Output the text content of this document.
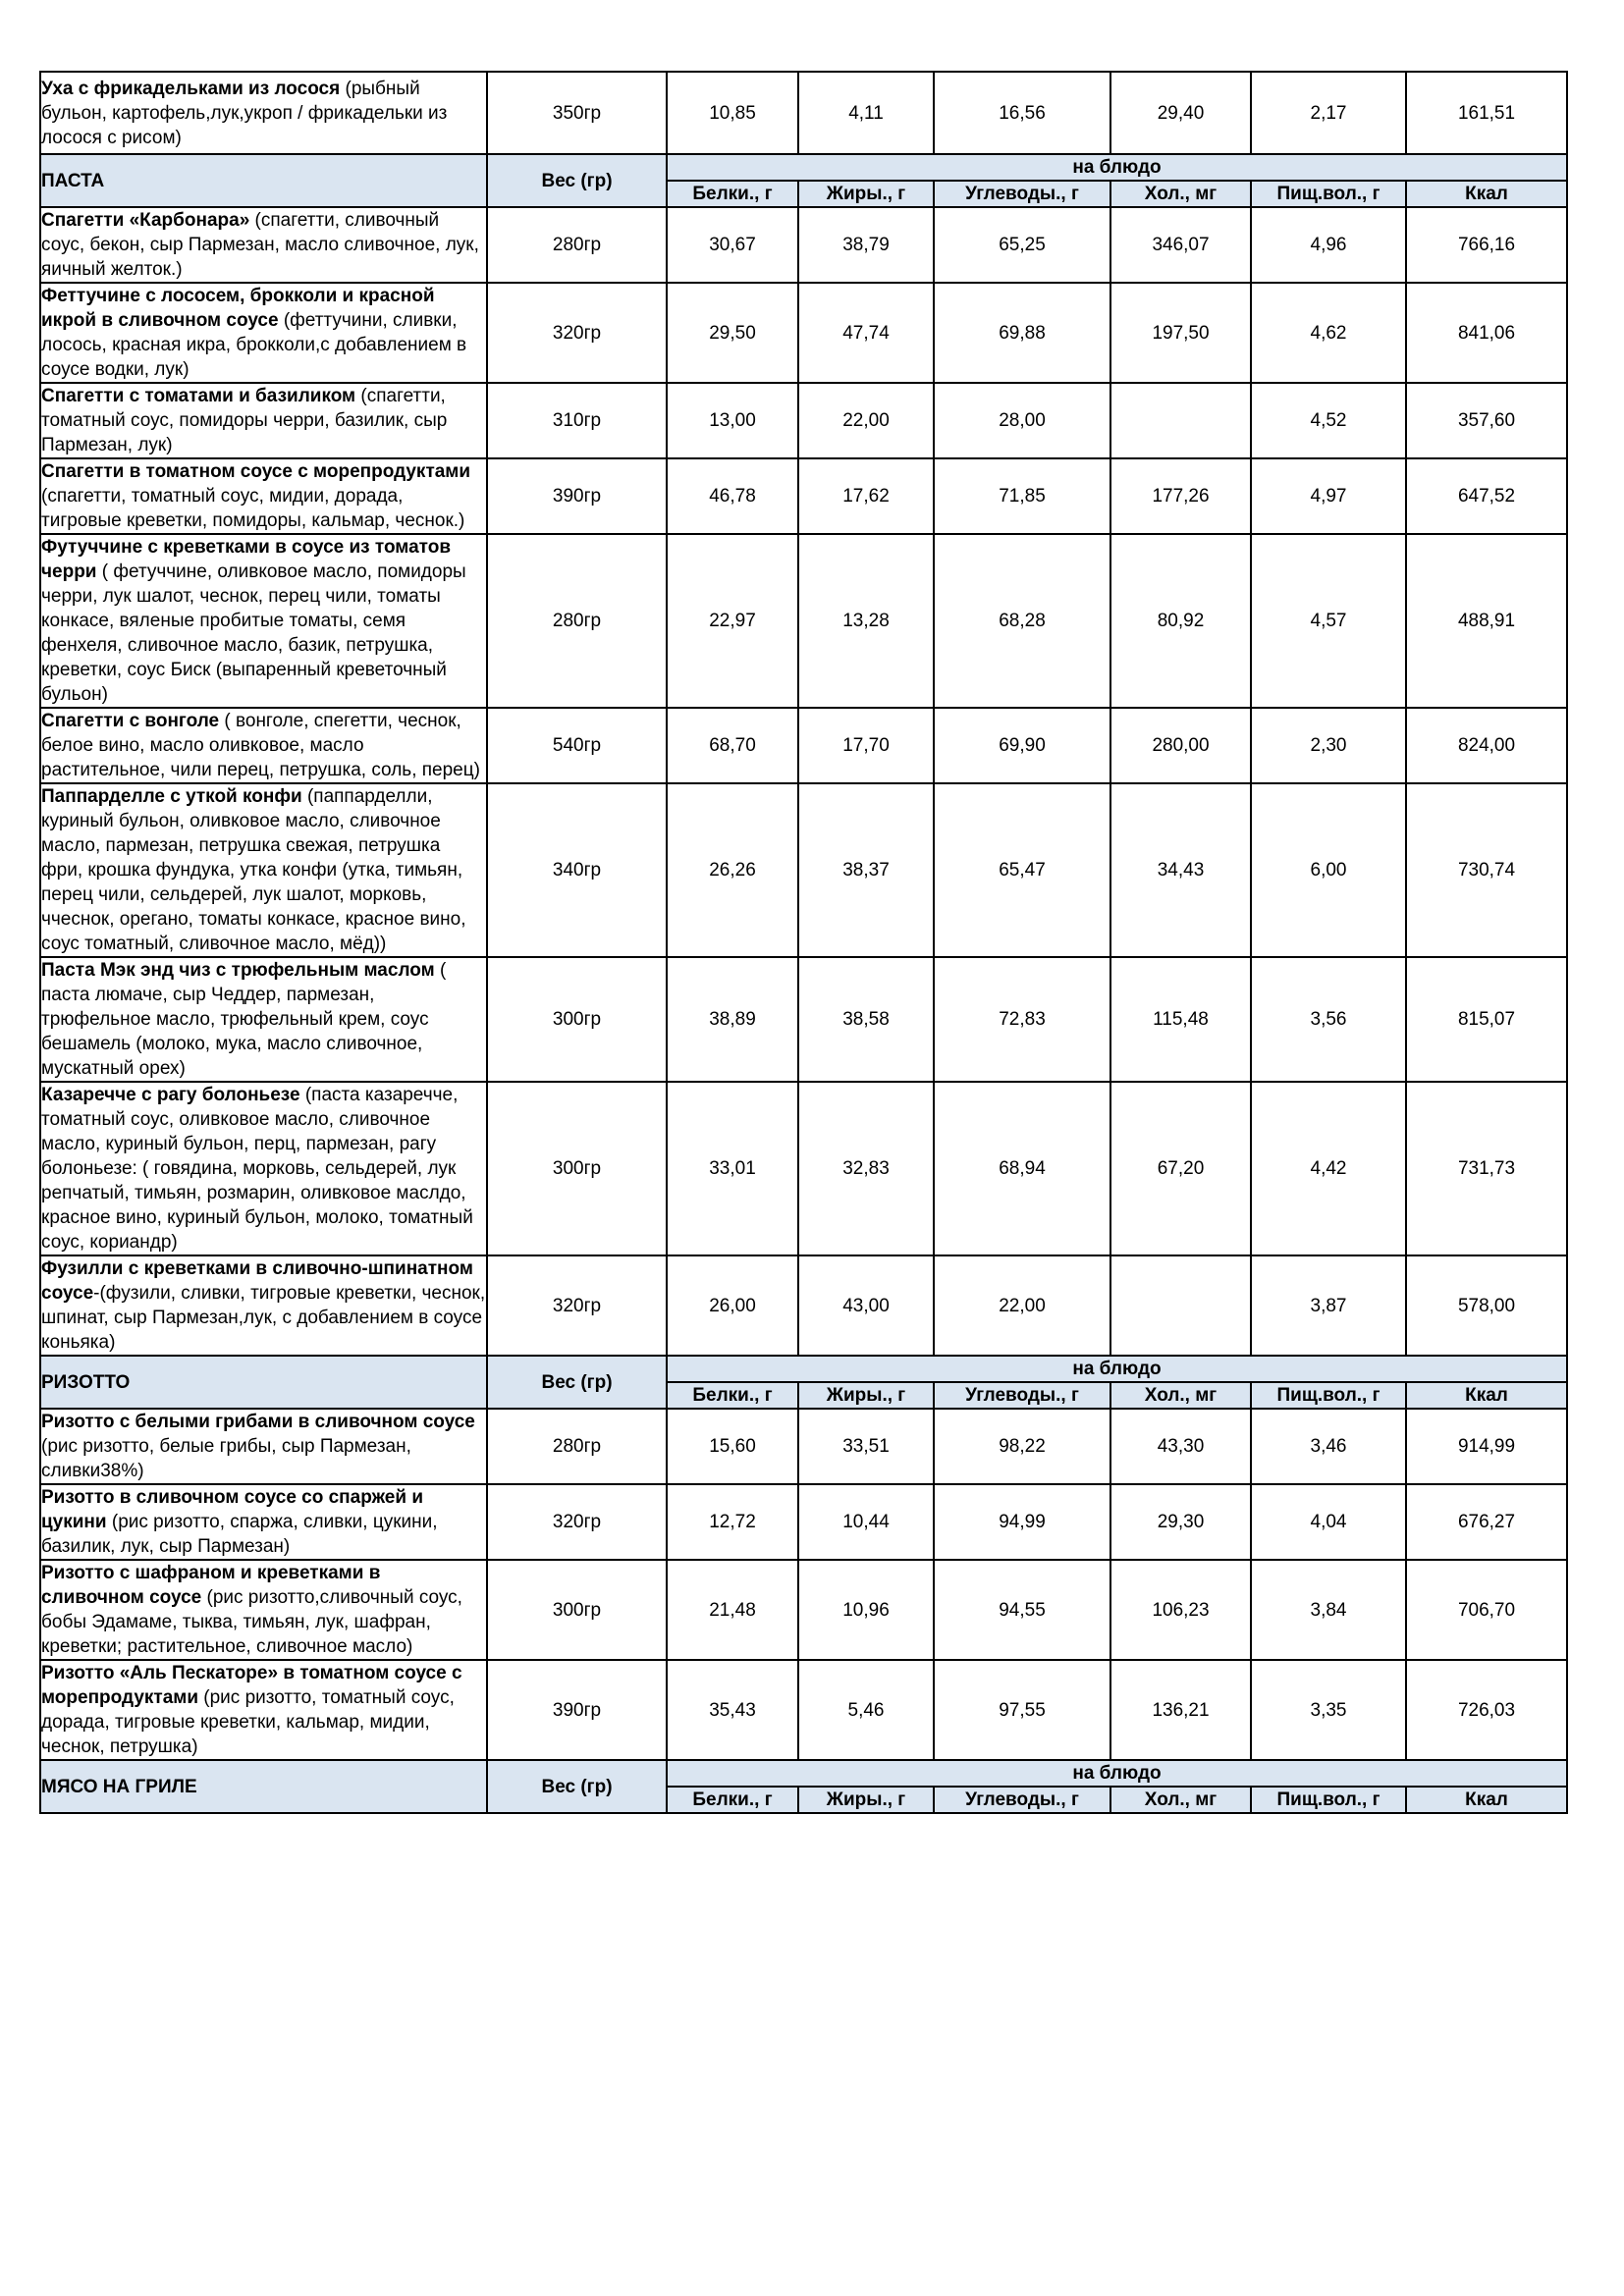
Уха с фрикадельками из лосося (рыбный бульон, картофель,лук,укроп / фрикадельки из лосося с рисом)	350гр	10,85	4,11	16,56	29,40	2,17	161,51
ПАСТА	Вес (гр)	на блюдо					
		Белки., г	Жиры., г	Углеводы., г	Хол., мг	Пищ.вол., г	Ккал
Спагетти «Карбонара» (спагетти, сливочный соус, бекон, сыр Пармезан, масло сливочное, лук, яичный желток.)	280гр	30,67	38,79	65,25	346,07	4,96	766,16
Феттучине с лососем, брокколи и красной икрой в сливочном соусе (феттучини, сливки, лосось, красная икра, брокколи,с добавлением в соусе водки, лук)	320гр	29,50	47,74	69,88	197,50	4,62	841,06
Спагетти с томатами и базиликом (спагетти, томатный соус, помидоры черри, базилик, сыр Пармезан, лук)	310гр	13,00	22,00	28,00		4,52	357,60
Спагетти в томатном соусе с морепродуктами (спагетти, томатный соус, мидии, дорада, тигровые креветки, помидоры, кальмар, чеснок.)	390гр	46,78	17,62	71,85	177,26	4,97	647,52
Футуччине с креветками в соусе из томатов черри ( фетуччине, оливковое масло, помидоры черри, лук шалот, чеснок, перец чили, томаты конкасе, вяленые пробитые томаты, семя фенхеля, сливочное масло, базик, петрушка, креветки, соус Биск (выпаренный креветочный бульон)	280гр	22,97	13,28	68,28	80,92	4,57	488,91
Спагетти с вонголе ( вонголе, спегетти, чеснок, белое вино, масло оливковое, масло растительное, чили перец, петрушка, соль, перец)	540гр	68,70	17,70	69,90	280,00	2,30	824,00
Паппарделле с уткой конфи (паппарделли, куриный бульон, оливковое масло, сливочное масло, пармезан, петрушка свежая, петрушка фри, крошка фундука, утка конфи (утка, тимьян, перец чили, сельдерей, лук шалот, морковь, ччеснок, орегано, томаты конкасе, красное вино, соус томатный, сливочное масло, мёд))	340гр	26,26	38,37	65,47	34,43	6,00	730,74
Паста Мэк энд чиз с трюфельным маслом ( паста люмаче, сыр Чеддер, пармезан, трюфельное масло, трюфельный крем, соус бешамель (молоко, мука, масло сливочное, мускатный орех)	300гр	38,89	38,58	72,83	115,48	3,56	815,07
Казаречче с рагу болоньезе (паста казаречче, томатный соус, оливковое масло, сливочное масло, куриный бульон, перц, пармезан, рагу болоньезе: ( говядина, морковь, сельдерей, лук репчатый, тимьян, розмарин, оливковое маслдо, красное вино, куриный бульон, молоко, томатный соус, кориандр)	300гр	33,01	32,83	68,94	67,20	4,42	731,73
Фузилли с креветками в сливочно-шпинатном соусе-(фузили, сливки, тигровые креветки, чеснок, шпинат, сыр Пармезан,лук, с добавлением в соусе коньяка)	320гр	26,00	43,00	22,00		3,87	578,00
РИЗОТТО	Вес (гр)	на блюдо					
		Белки., г	Жиры., г	Углеводы., г	Хол., мг	Пищ.вол., г	Ккал
Ризотто с белыми грибами в сливочном соусе (рис ризотто, белые грибы, сыр Пармезан, сливки38%)	280гр	15,60	33,51	98,22	43,30	3,46	914,99
Ризотто в сливочном соусе со спаржей и цукини (рис ризотто, спаржа, сливки, цукини, базилик, лук, сыр Пармезан)	320гр	12,72	10,44	94,99	29,30	4,04	676,27
Ризотто с шафраном и креветками в сливочном соусе (рис ризотто,сливочный соус, бобы Эдамаме, тыква, тимьян, лук, шафран, креветки; растительное, сливочное масло)	300гр	21,48	10,96	94,55	106,23	3,84	706,70
Ризотто «Аль Пескаторе» в томатном соусе с морепродуктами (рис ризотто, томатный соус, дорада, тигровые креветки, кальмар, мидии, чеснок, петрушка)	390гр	35,43	5,46	97,55	136,21	3,35	726,03
МЯСО НА ГРИЛЕ	Вес (гр)	на блюдо					
		Белки., г	Жиры., г	Углеводы., г	Хол., мг	Пищ.вол., г	Ккал
